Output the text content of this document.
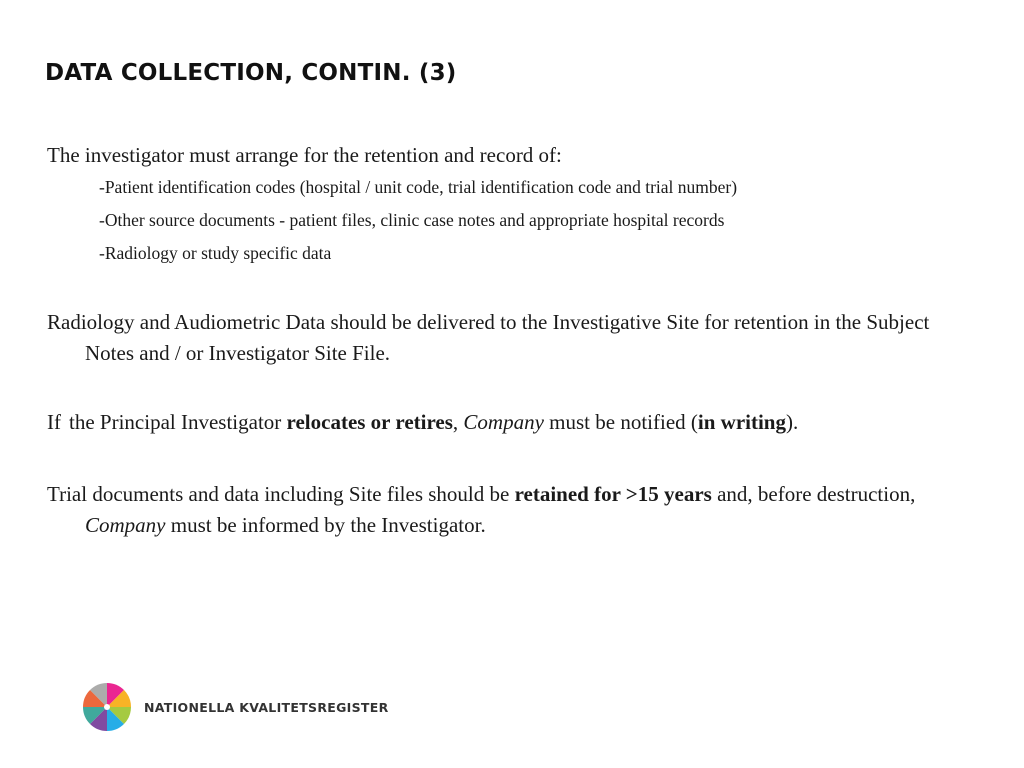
DATA COLLECTION, CONTIN. (3)

The investigator must arrange for the retention and record of:

-Patient identification codes (hospital / unit code, trial identification code and trial number)

-Other source documents - patient files, clinic case notes and appropriate hospital records

-Radiology or study specific data

Radiology and Audiometric Data should be delivered to the Investigative Site for retention in the Subject Notes and / or Investigator Site File.

If the Principal Investigator relocates or retires, Company must be notified (in writing).

Trial documents and data including Site files should be retained for >15 years and, before destruction, Company must be informed by the Investigator.

NATIONELLA KVALITETSREGISTER
